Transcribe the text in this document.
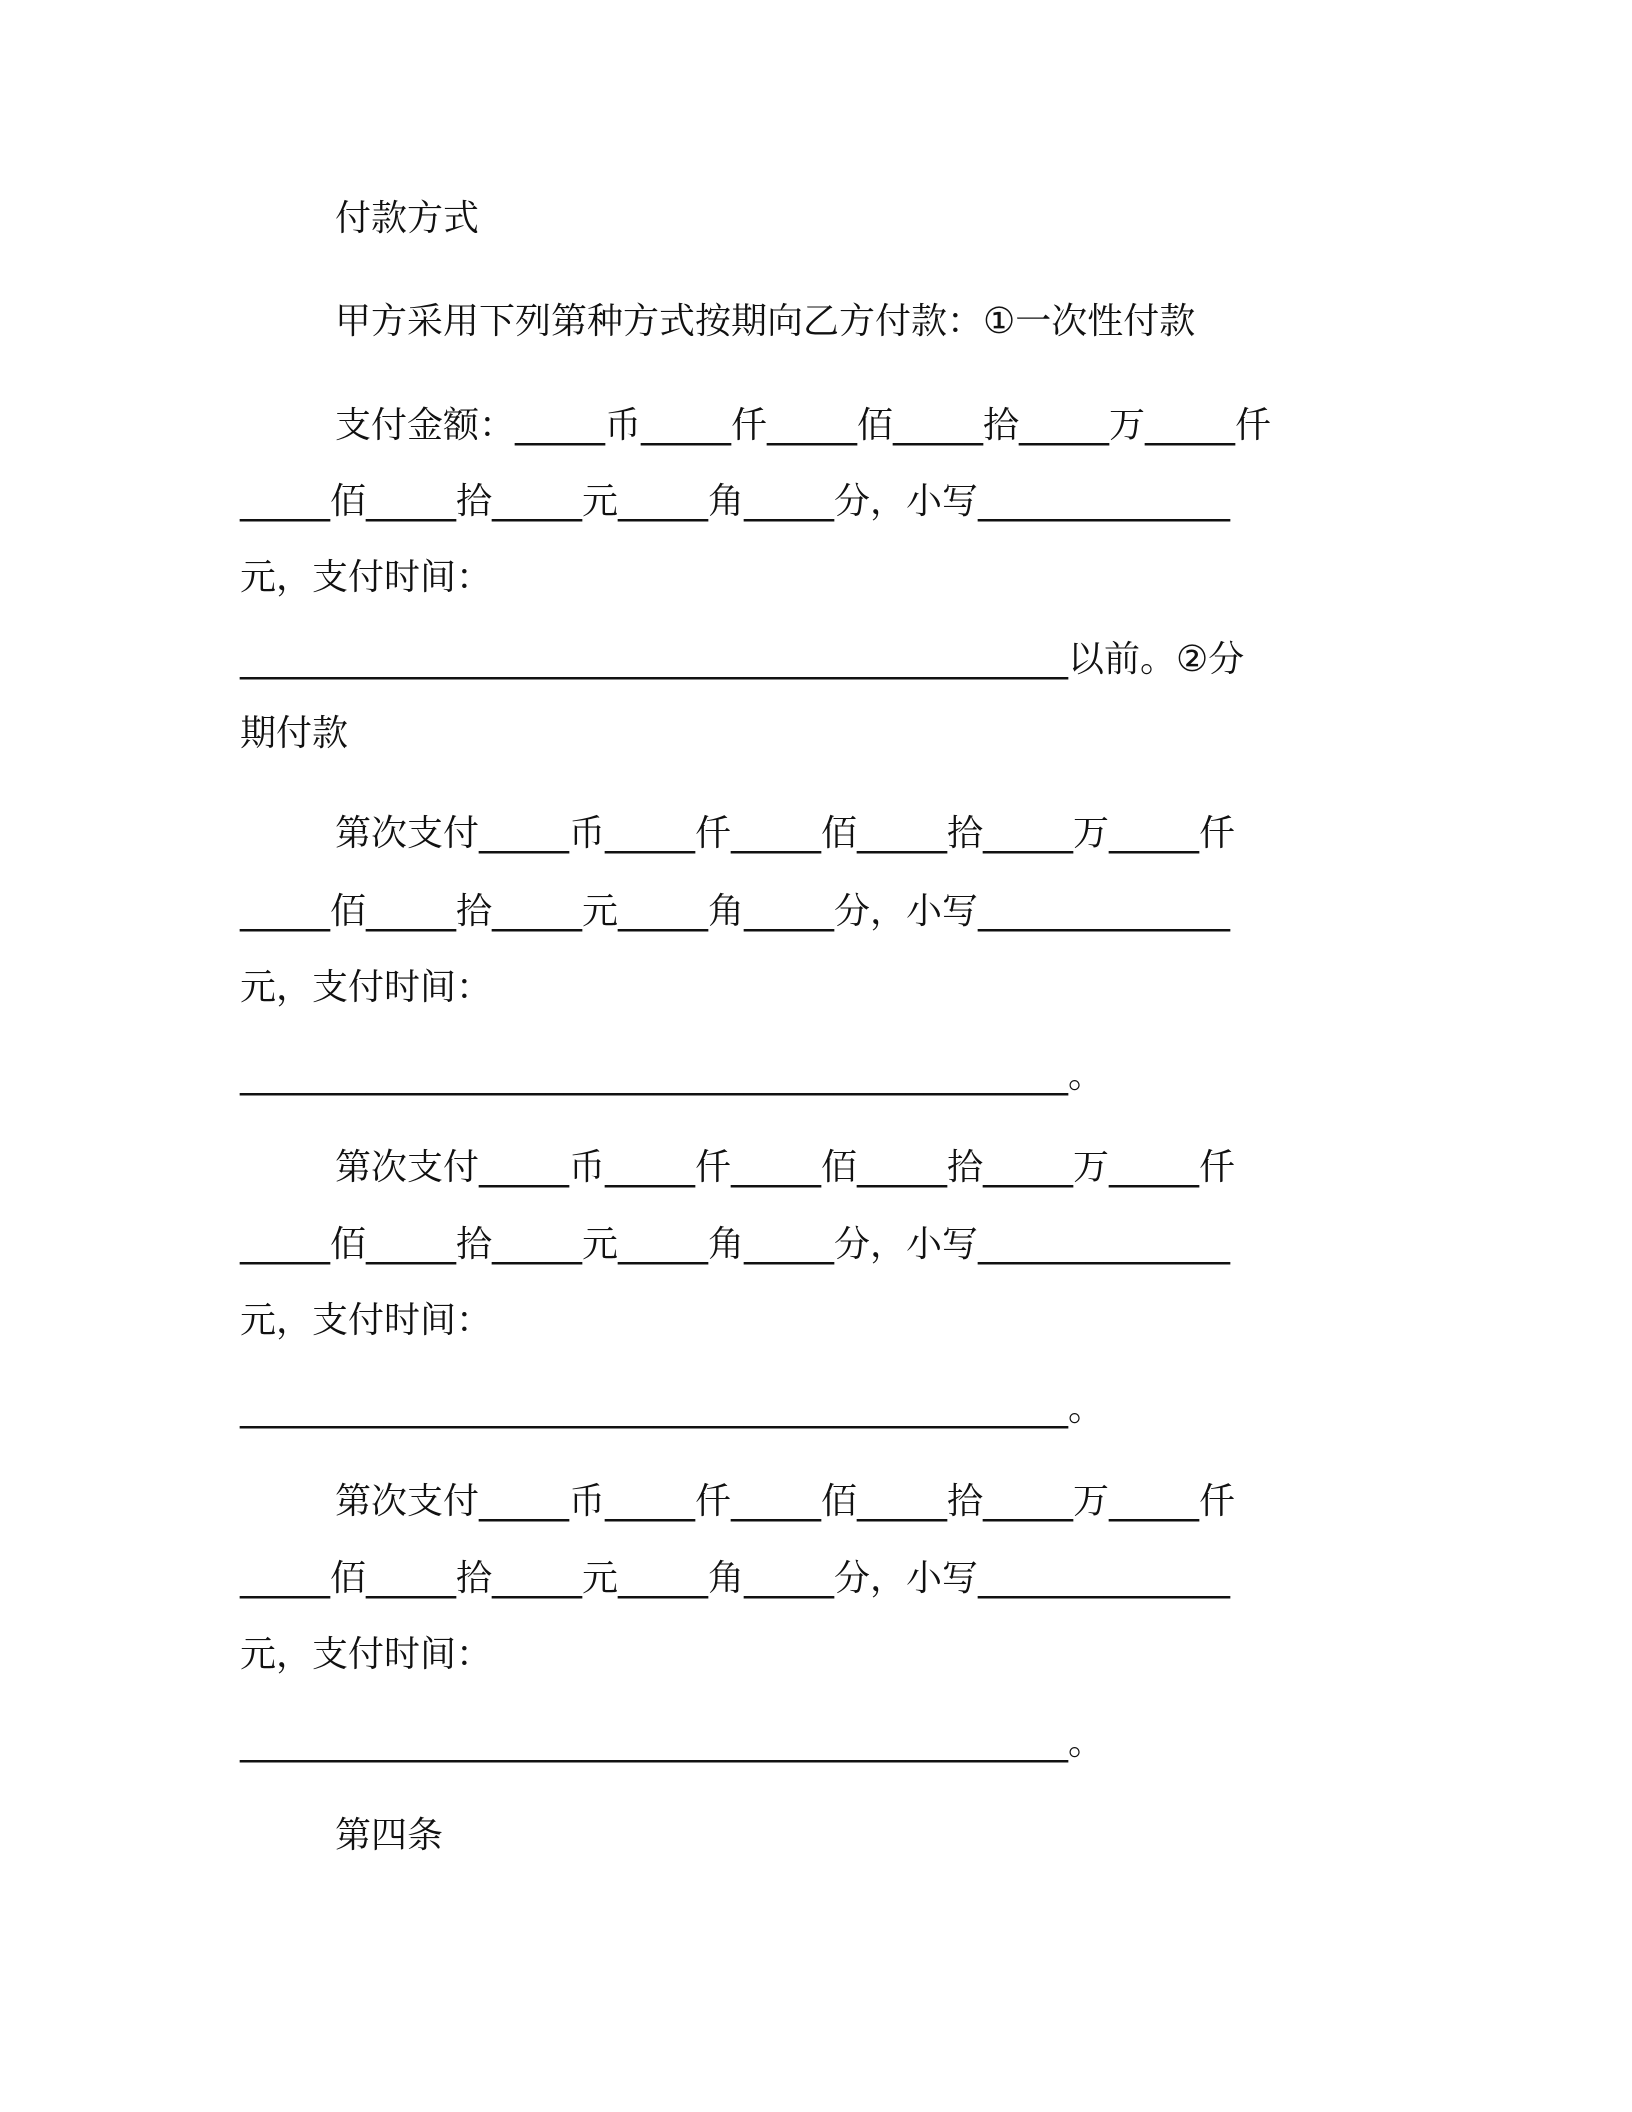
付款方式
甲方采用下列第种方式按期向乙方付款：①一次性付款
支付金额：_____币_____仟_____佰_____拾_____万_____仟
_____佰_____拾_____元_____角_____分，小写______________
元，支付时间：
______________________________________________以前。②分
期付款
第次支付_____币_____仟_____佰_____拾_____万_____仟
_____佰_____拾_____元_____角_____分，小写______________
元，支付时间：
______________________________________________。
第次支付_____币_____仟_____佰_____拾_____万_____仟
_____佰_____拾_____元_____角_____分，小写______________
元，支付时间：
______________________________________________。
第次支付_____币_____仟_____佰_____拾_____万_____仟
_____佰_____拾_____元_____角_____分，小写______________
元，支付时间：
______________________________________________。
第四条
